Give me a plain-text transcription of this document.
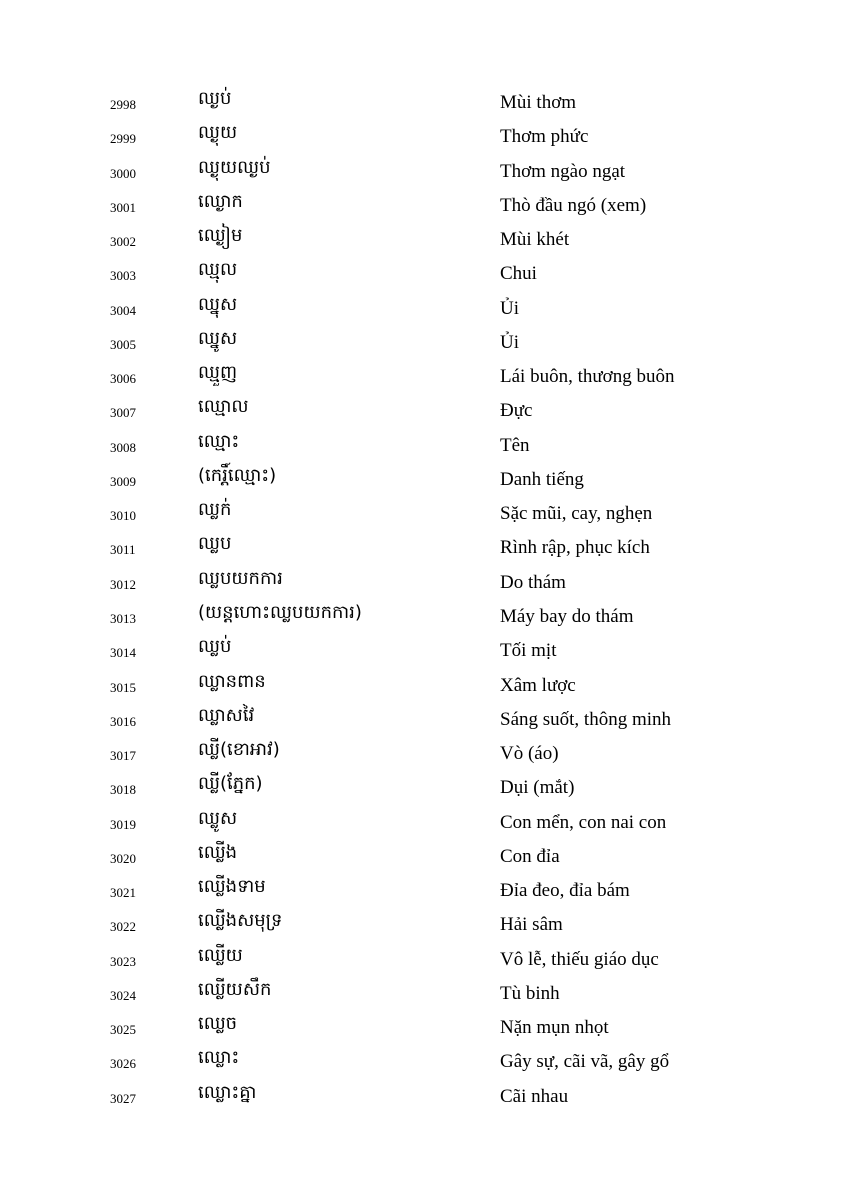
2998	ឈ្ងប់	Mùi thơm
2999	ឈ្ងុយ	Thơm phức
3000	ឈ្ងុយឈ្ងប់	Thơm ngào ngạt
3001	ឈ្ងោក	Thò đầu ngó (xem)
3002	ឈ្ងៀម	Mùi khét
3003	ឈ្មុល	Chui
3004	ឈ្នុស	Ủi
3005	ឈ្នូស	Ủi
3006	ឈ្មួញ	Lái buôn, thương buôn
3007	ឈ្មោល	Đực
3008	ឈ្មោះ	Tên
3009	(កេរ្តិ៍ឈ្មោះ)	Danh tiếng
3010	ឈ្លក់	Sặc mũi, cay, nghẹn
3011	ឈ្លប	Rình rập, phục kích
3012	ឈ្លបយកការ	Do thám
3013	(យន្តហោះឈ្លបយកការ)	Máy bay do thám
3014	ឈ្លប់	Tối mịt
3015	ឈ្លានពាន	Xâm lược
3016	ឈ្លាសវៃ	Sáng suốt, thông minh
3017	ឈ្លី(ខោអាវ)	Vò (áo)
3018	ឈ្លី(ភ្នែក)	Dụi (mắt)
3019	ឈ្លូស	Con mển, con nai con
3020	ឈ្លើង	Con đỉa
3021	ឈ្លើងទាម	Đỉa đeo, đỉa bám
3022	ឈ្លើងសមុទ្រ	Hải sâm
3023	ឈ្លើយ	Vô lễ, thiếu giáo dục
3024	ឈ្លើយសឹក	Tù binh
3025	ឈ្លេច	Nặn mụn nhọt
3026	ឈ្លោះ	Gây sự, cãi vã, gây gổ
3027	ឈ្លោះគ្នា	Cãi nhau
